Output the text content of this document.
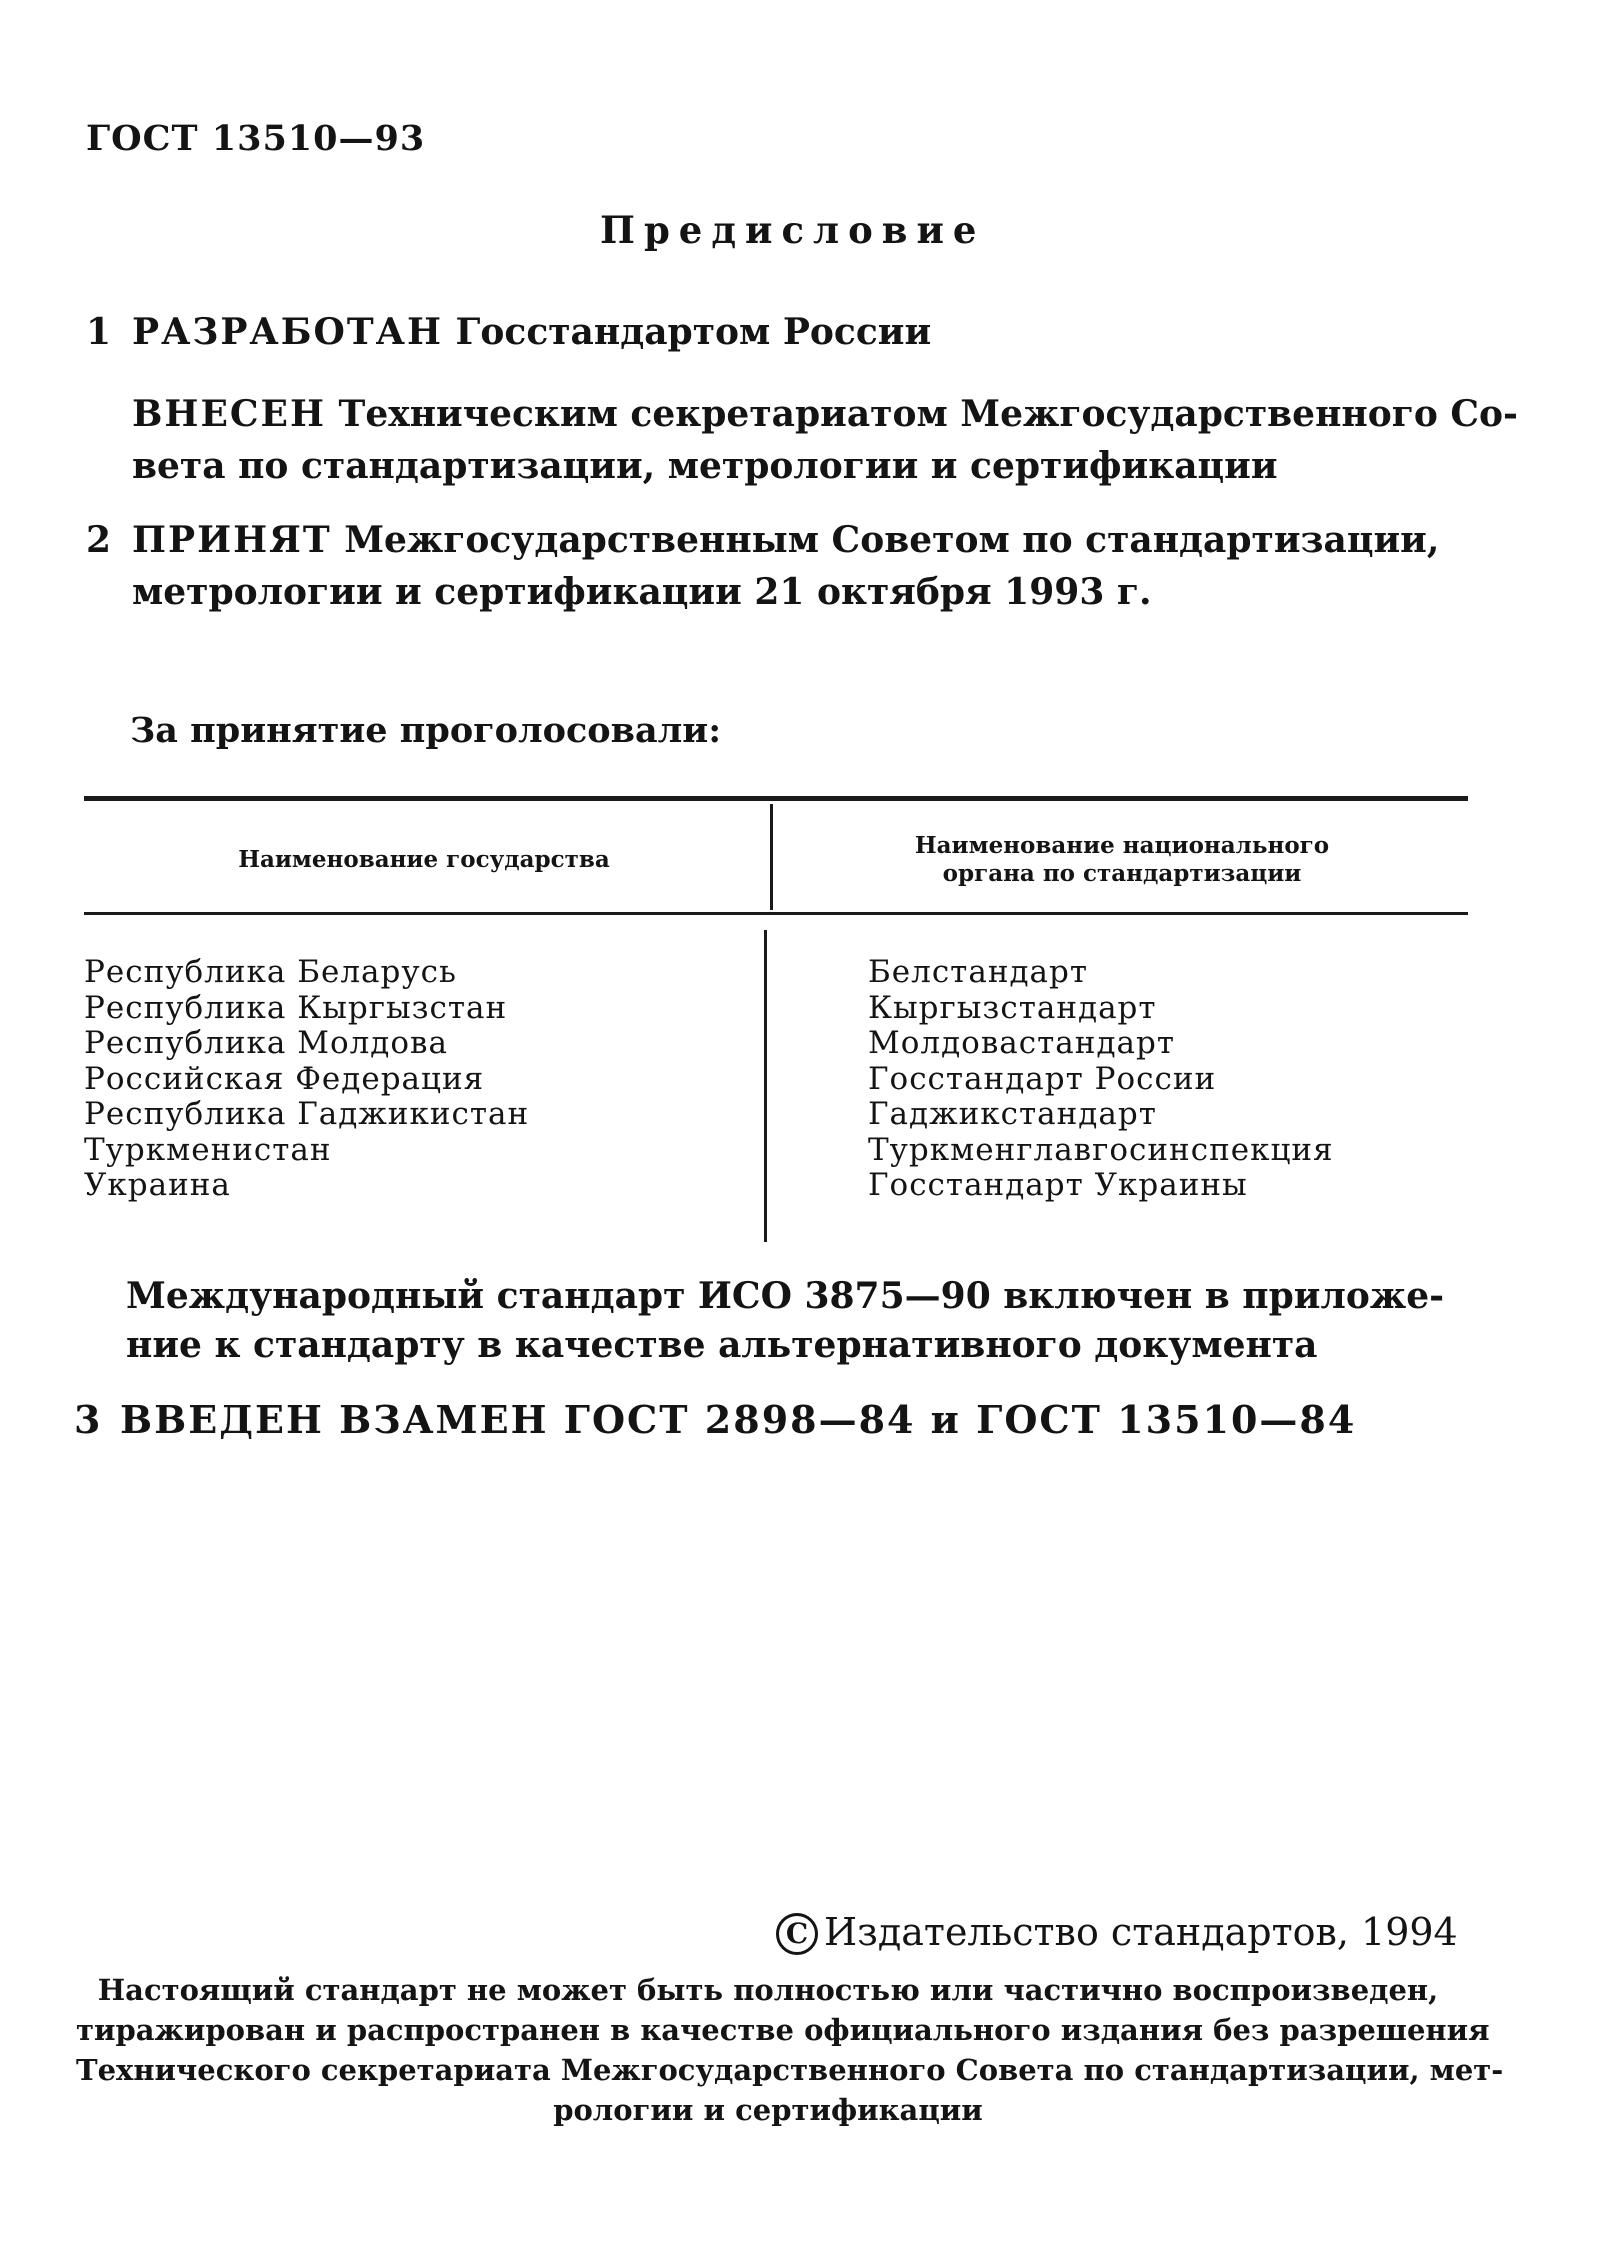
ГОСТ 13510—93
Предисловие
1 РАЗРАБОТАН Госстандартом России
ВНЕСЕН Техническим секретариатом Межгосударственного Со-
вета по стандартизации, метрологии и сертификации
2 ПРИНЯТ Межгосударственным Советом по стандартизации,
метрологии и сертификации 21 октября 1993 г.
За принятие проголосовали:
Наименование государства
Наименование национального
органа по стандартизации
Республика Беларусь
Республика Кыргызстан
Республика Молдова
Российская Федерация
Республика Гаджикистан
Туркменистан
Украина
Белстандарт
Кыргызстандарт
Молдовастандарт
Госстандарт России
Гаджикстандарт
Туркменглавгосинспекция
Госстандарт Украины
Международный стандарт ИСО 3875—90 включен в приложе-
ние к стандарту в качестве альтернативного документа
3 ВВЕДЕН ВЗАМЕН ГОСТ 2898—84 и ГОСТ 13510—84
C Издательство стандартов, 1994
Настоящий стандарт не может быть полностью или частично воспроизведен,
тиражирован и распространен в качестве официального издания без разрешения
Технического секретариата Межгосударственного Совета по стандартизации, мет-
рологии и сертификации
